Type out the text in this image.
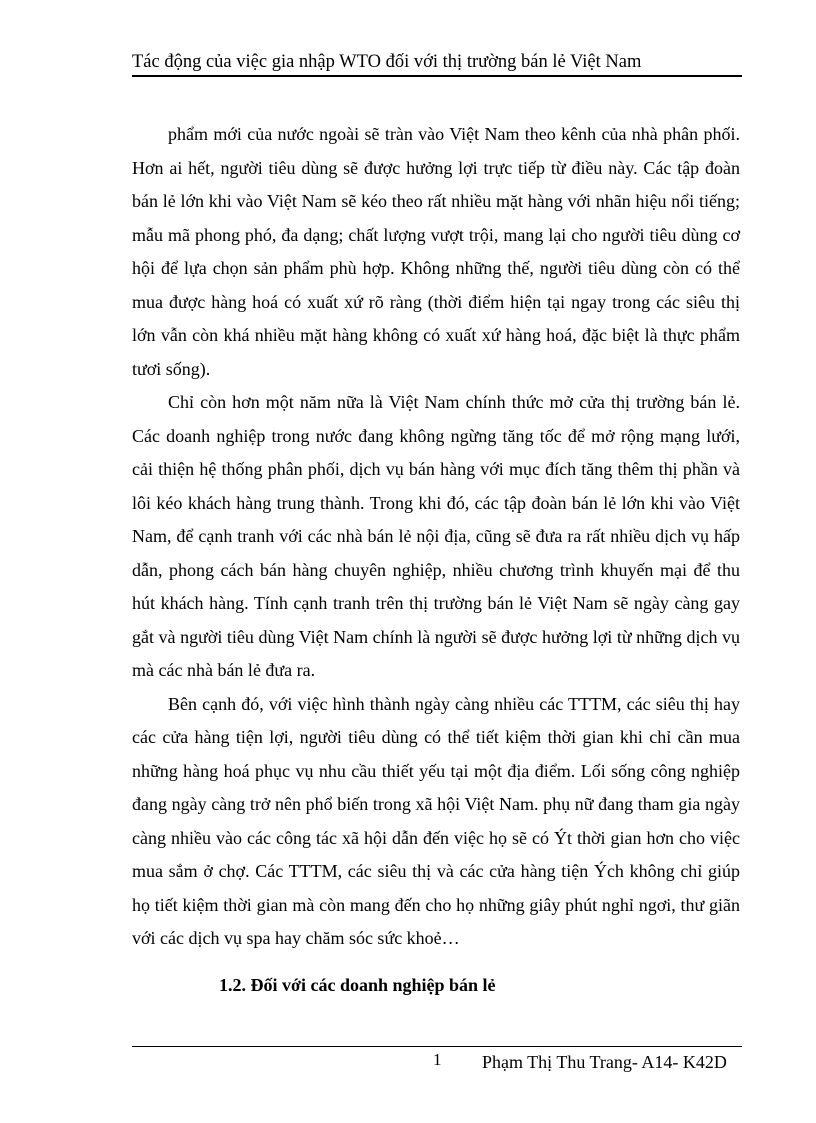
Tác động của việc gia nhập WTO đối với thị trường bán lẻ Việt Nam

phẩm mới của nước ngoài sẽ tràn vào Việt Nam theo kênh của nhà phân phối. Hơn ai hết, người tiêu dùng sẽ được hưởng lợi trực tiếp từ điều này. Các tập đoàn bán lẻ lớn khi vào Việt Nam sẽ kéo theo rất nhiều mặt hàng với nhãn hiệu nổi tiếng; mẫu mã phong phó, đa dạng; chất lượng vượt trội, mang lại cho người tiêu dùng cơ hội để lựa chọn sản phẩm phù hợp. Không những thế, người tiêu dùng còn có thể mua được hàng hoá có xuất xứ rõ ràng (thời điểm hiện tại ngay trong các siêu thị lớn vẫn còn khá nhiều mặt hàng không có xuất xứ hàng hoá, đặc biệt là thực phẩm tươi sống).

Chỉ còn hơn một năm nữa là Việt Nam chính thức mở cửa thị trường bán lẻ. Các doanh nghiệp trong nước đang không ngừng tăng tốc để mở rộng mạng lưới, cải thiện hệ thống phân phối, dịch vụ bán hàng với mục đích tăng thêm thị phần và lôi kéo khách hàng trung thành. Trong khi đó, các tập đoàn bán lẻ lớn khi vào Việt Nam, để cạnh tranh với các nhà bán lẻ nội địa, cũng sẽ đưa ra rất nhiều dịch vụ hấp dẫn, phong cách bán hàng chuyên nghiệp, nhiều chương trình khuyến mại để thu hút khách hàng. Tính cạnh tranh trên thị trường bán lẻ Việt Nam sẽ ngày càng gay gắt và người tiêu dùng Việt Nam chính là người sẽ được hưởng lợi từ những dịch vụ mà các nhà bán lẻ đưa ra.

Bên cạnh đó, với việc hình thành ngày càng nhiều các TTTM, các siêu thị hay các cửa hàng tiện lợi, người tiêu dùng có thể tiết kiệm thời gian khi chỉ cần mua những hàng hoá phục vụ nhu cầu thiết yếu tại một địa điểm. Lối sống công nghiệp đang ngày càng trở nên phổ biến trong xã hội Việt Nam. phụ nữ đang tham gia ngày càng nhiều vào các công tác xã hội dẫn đến việc họ sẽ có Ýt thời gian hơn cho việc mua sắm ở chợ. Các TTTM, các siêu thị và các cửa hàng tiện Ých không chỉ giúp họ tiết kiệm thời gian mà còn mang đến cho họ những giây phút nghỉ ngơi, thư giãn với các dịch vụ spa hay chăm sóc sức khoẻ…

1.2. Đối với các doanh nghiệp bán lẻ
1 Phạm Thị Thu Trang- A14- K42D
